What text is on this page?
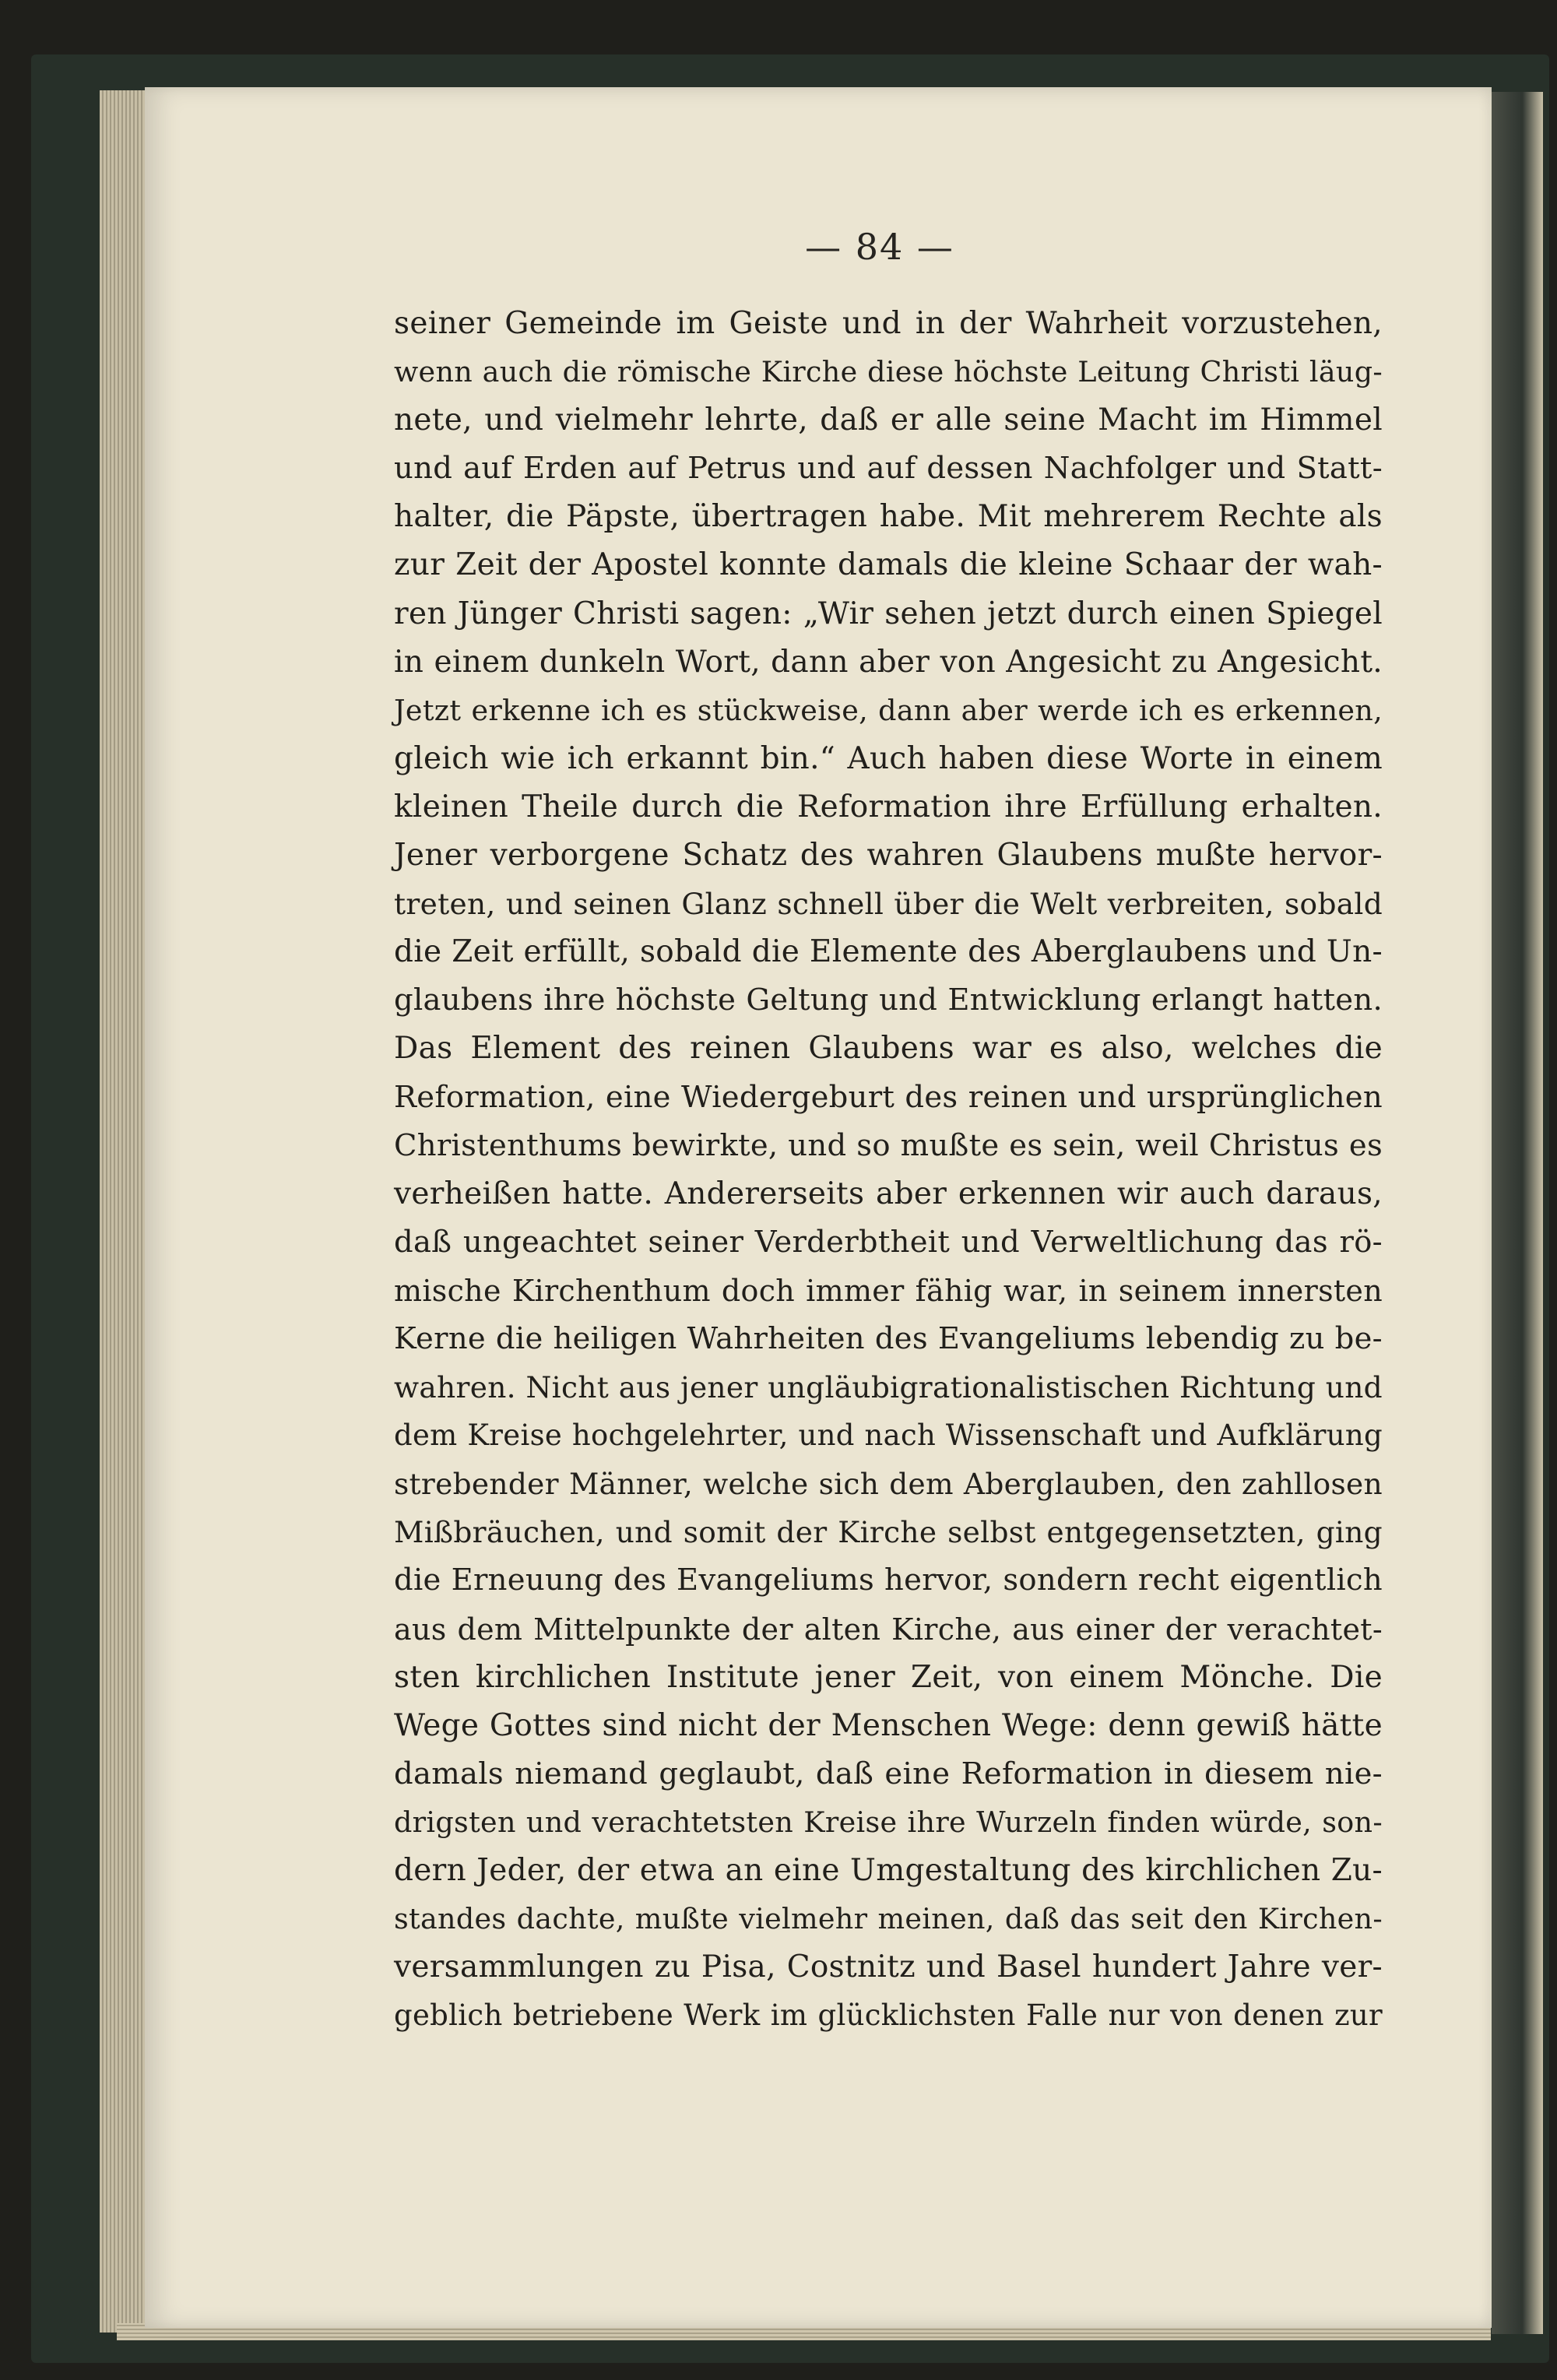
— 84 —
seiner Gemeinde im Geiste und in der Wahrheit vorzustehen,
wenn auch die römische Kirche diese höchste Leitung Christi läug-
nete, und vielmehr lehrte, daß er alle seine Macht im Himmel
und auf Erden auf Petrus und auf dessen Nachfolger und Statt-
halter, die Päpste, übertragen habe. Mit mehrerem Rechte als
zur Zeit der Apostel konnte damals die kleine Schaar der wah-
ren Jünger Christi sagen: „Wir sehen jetzt durch einen Spiegel
in einem dunkeln Wort, dann aber von Angesicht zu Angesicht.
Jetzt erkenne ich es stückweise, dann aber werde ich es erkennen,
gleich wie ich erkannt bin.“ Auch haben diese Worte in einem
kleinen Theile durch die Reformation ihre Erfüllung erhalten.
Jener verborgene Schatz des wahren Glaubens mußte hervor-
treten, und seinen Glanz schnell über die Welt verbreiten, sobald
die Zeit erfüllt, sobald die Elemente des Aberglaubens und Un-
glaubens ihre höchste Geltung und Entwicklung erlangt hatten.
Das Element des reinen Glaubens war es also, welches die
Reformation, eine Wiedergeburt des reinen und ursprünglichen
Christenthums bewirkte, und so mußte es sein, weil Christus es
verheißen hatte. Andererseits aber erkennen wir auch daraus,
daß ungeachtet seiner Verderbtheit und Verweltlichung das rö-
mische Kirchenthum doch immer fähig war, in seinem innersten
Kerne die heiligen Wahrheiten des Evangeliums lebendig zu be-
wahren. Nicht aus jener ungläubigrationalistischen Richtung und
dem Kreise hochgelehrter, und nach Wissenschaft und Aufklärung
strebender Männer, welche sich dem Aberglauben, den zahllosen
Mißbräuchen, und somit der Kirche selbst entgegensetzten, ging
die Erneuung des Evangeliums hervor, sondern recht eigentlich
aus dem Mittelpunkte der alten Kirche, aus einer der verachtet-
sten kirchlichen Institute jener Zeit, von einem Mönche. Die
Wege Gottes sind nicht der Menschen Wege: denn gewiß hätte
damals niemand geglaubt, daß eine Reformation in diesem nie-
drigsten und verachtetsten Kreise ihre Wurzeln finden würde, son-
dern Jeder, der etwa an eine Umgestaltung des kirchlichen Zu-
standes dachte, mußte vielmehr meinen, daß das seit den Kirchen-
versammlungen zu Pisa, Costnitz und Basel hundert Jahre ver-
geblich betriebene Werk im glücklichsten Falle nur von denen zur
